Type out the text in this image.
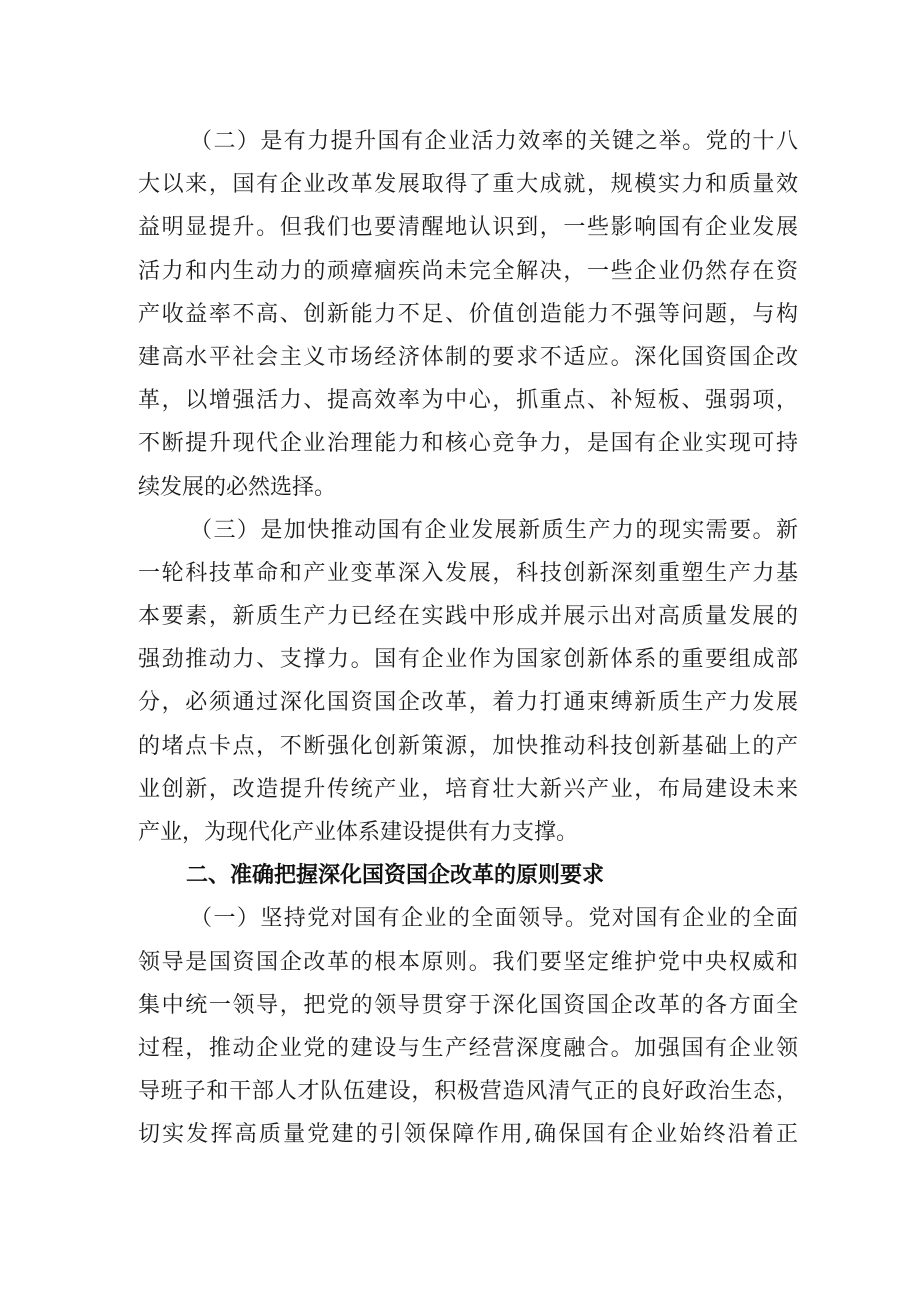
（二）是有力提升国有企业活力效率的关键之举。党的十八
大以来，国有企业改革发展取得了重大成就，规模实力和质量效
益明显提升。但我们也要清醒地认识到，一些影响国有企业发展
活力和内生动力的顽瘴痼疾尚未完全解决，一些企业仍然存在资
产收益率不高、创新能力不足、价值创造能力不强等问题，与构
建高水平社会主义市场经济体制的要求不适应。深化国资国企改
革，以增强活力、提高效率为中心，抓重点、补短板、强弱项，
不断提升现代企业治理能力和核心竞争力，是国有企业实现可持
续发展的必然选择。
（三）是加快推动国有企业发展新质生产力的现实需要。新
一轮科技革命和产业变革深入发展，科技创新深刻重塑生产力基
本要素，新质生产力已经在实践中形成并展示出对高质量发展的
强劲推动力、支撑力。国有企业作为国家创新体系的重要组成部
分，必须通过深化国资国企改革，着力打通束缚新质生产力发展
的堵点卡点，不断强化创新策源，加快推动科技创新基础上的产
业创新，改造提升传统产业，培育壮大新兴产业，布局建设未来
产业，为现代化产业体系建设提供有力支撑。
二、准确把握深化国资国企改革的原则要求
（一）坚持党对国有企业的全面领导。党对国有企业的全面
领导是国资国企改革的根本原则。我们要坚定维护党中央权威和
集中统一领导，把党的领导贯穿于深化国资国企改革的各方面全
过程，推动企业党的建设与生产经营深度融合。加强国有企业领
导班子和干部人才队伍建设，积极营造风清气正的良好政治生态，
切实发挥高质量党建的引领保障作用,确保国有企业始终沿着正
